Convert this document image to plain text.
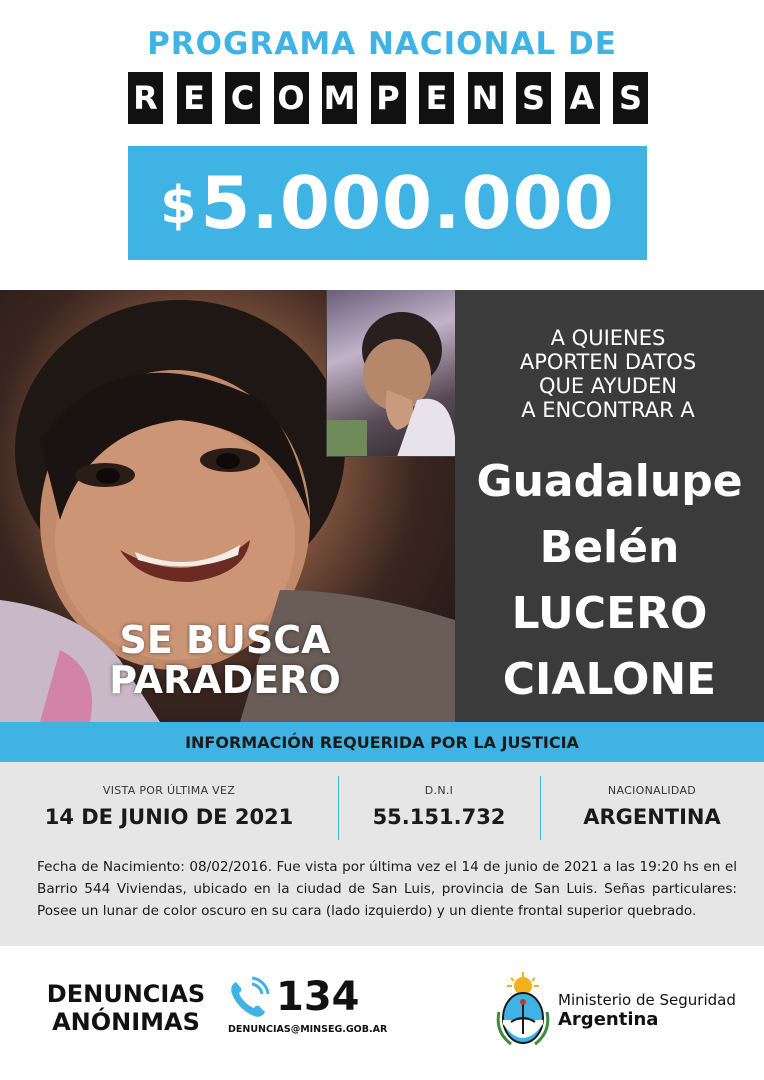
PROGRAMA NACIONAL DE
R E C O M P E N S A S
$ 5.000.000
SE BUSCA
PARADERO
A QUIENES
APORTEN DATOS
QUE AYUDEN
A ENCONTRAR A
Guadalupe
Belén
LUCERO
CIALONE
INFORMACIÓN REQUERIDA POR LA JUSTICIA
VISTA POR ÚLTIMA VEZ
14 DE JUNIO DE 2021
D.N.I
55.151.732
NACIONALIDAD
ARGENTINA
Fecha de Nacimiento: 08/02/2016. Fue vista por última vez el 14 de junio de 2021 a las 19:20 hs en el Barrio 544 Viviendas, ubicado en la ciudad de San Luis, provincia de San Luis. Señas particulares: Posee un lunar de color oscuro en su cara (lado izquierdo) y un diente frontal superior quebrado.
DENUNCIAS
ANÓNIMAS
134
DENUNCIAS@MINSEG.GOB.AR
Ministerio de Seguridad
Argentina
